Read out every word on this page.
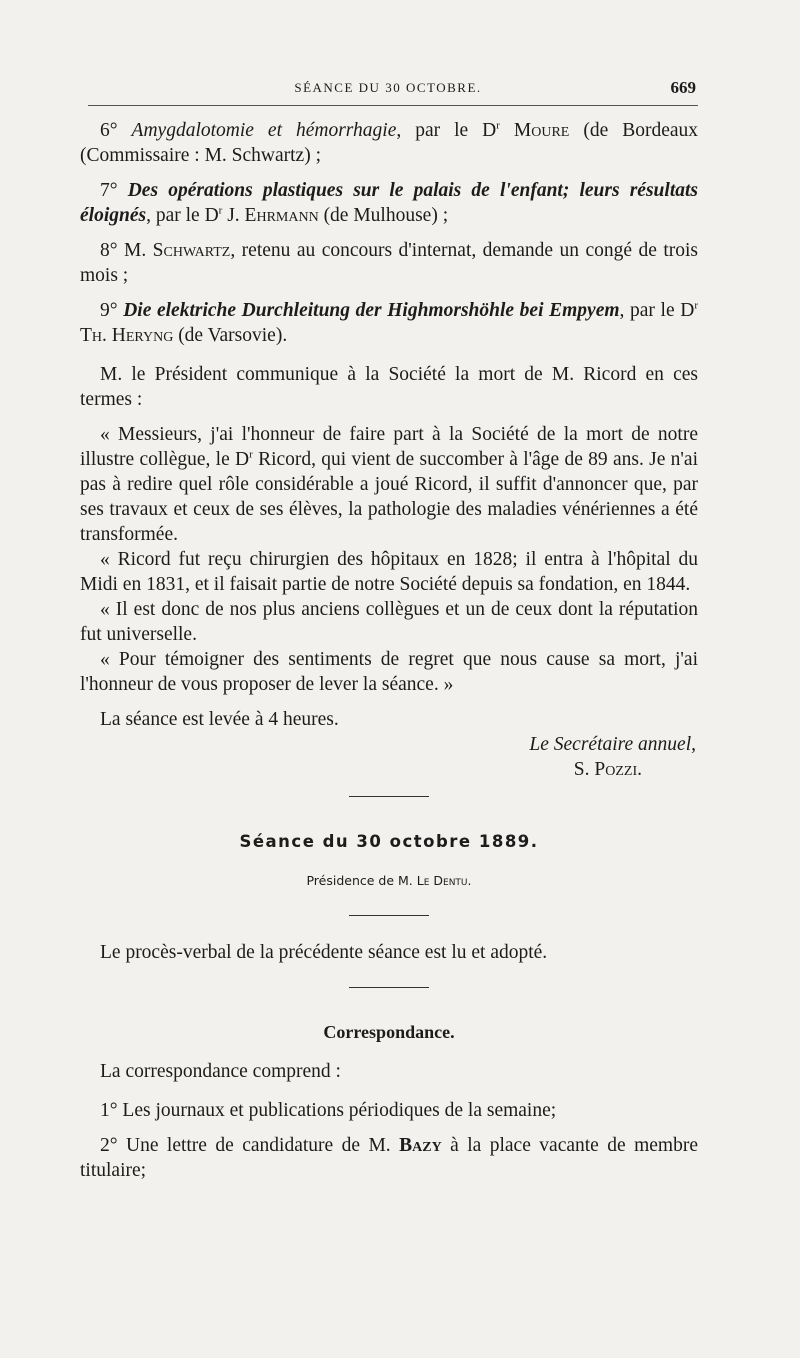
SÉANCE DU 30 OCTOBRE.	669

6° Amygdalotomie et hémorrhagie, par le $D^r$ Moure (de Bordeaux (Commissaire : M. Schwartz) ;

7° Des opérations plastiques sur le palais de l'enfant; leurs résultats éloignés, par le $D^r$ J. Ehrmann (de Mulhouse) ;

8° M. Schwartz, retenu au concours d'internat, demande un congé de trois mois ;

9° Die elektriche Durchleitung der Highmorshöhle bei Empyem, par le $D^r$ Th. Heryng (de Varsovie).

M. le Président communique à la Société la mort de M. Ricord en ces termes :

« Messieurs, j'ai l'honneur de faire part à la Société de la mort de notre illustre collègue, le $D^r$ Ricord, qui vient de succomber à l'âge de 89 ans. Je n'ai pas à redire quel rôle considérable a joué Ricord, il suffit d'annoncer que, par ses travaux et ceux de ses élèves, la pathologie des maladies vénériennes a été transformée.

« Ricord fut reçu chirurgien des hôpitaux en 1828; il entra à l'hôpital du Midi en 1831, et il faisait partie de notre Société depuis sa fondation, en 1844.

« Il est donc de nos plus anciens collègues et un de ceux dont la réputation fut universelle.

« Pour témoigner des sentiments de regret que nous cause sa mort, j'ai l'honneur de vous proposer de lever la séance. »

La séance est levée à 4 heures.

Le Secrétaire annuel,

S. Pozzi.

Séance du 30 octobre 1889.

Présidence de M. Le Dentu.

Le procès-verbal de la précédente séance est lu et adopté.

Correspondance.

La correspondance comprend :

1° Les journaux et publications périodiques de la semaine;

2° Une lettre de candidature de M. Bazy à la place vacante de membre titulaire;
